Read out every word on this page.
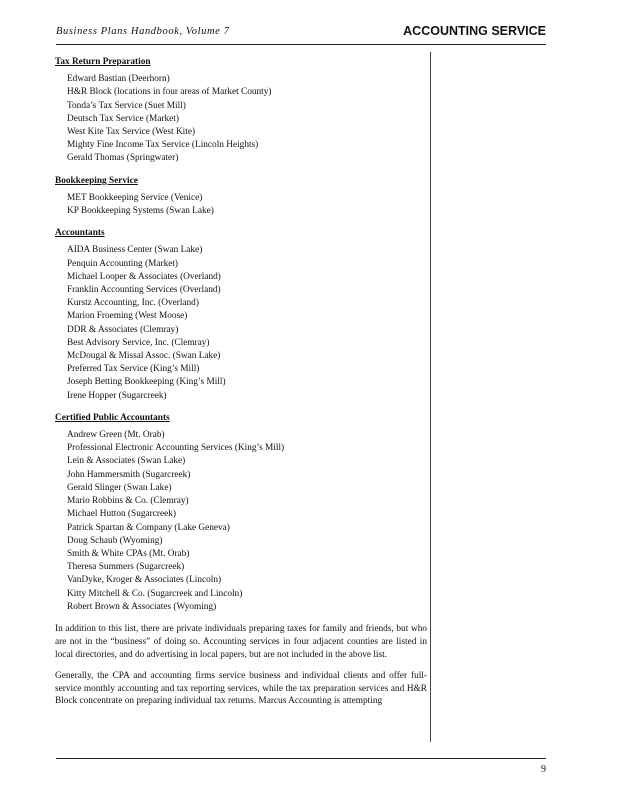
Business Plans Handbook, Volume 7	ACCOUNTING SERVICE
Tax Return Preparation
Edward Bastian (Deerhorn)
H&R Block (locations in four areas of Market County)
Tonda’s Tax Service (Suet Mill)
Deutsch Tax Service (Market)
West Kite Tax Service (West Kite)
Mighty Fine Income Tax Service (Lincoln Heights)
Gerald Thomas (Springwater)
Bookkeeping Service
MET Bookkeeping Service (Venice)
KP Bookkeeping Systems (Swan Lake)
Accountants
AIDA Business Center (Swan Lake)
Penquin Accounting (Market)
Michael Looper & Associates (Overland)
Franklin Accounting Services (Overland)
Kurstz Accounting, Inc. (Overland)
Marion Froeming (West Moose)
DDR & Associates (Clemray)
Best Advisory Service, Inc. (Clemray)
McDougal & Missal Assoc. (Swan Lake)
Preferred Tax Service (King’s Mill)
Joseph Betting Bookkeeping (King’s Mill)
Irene Hopper (Sugarcreek)
Certified Public Accountants
Andrew Green (Mt. Orab)
Professional Electronic Accounting Services (King’s Mill)
Lein & Associates (Swan Lake)
John Hammersmith (Sugarcreek)
Gerald Slinger (Swan Lake)
Mario Robbins & Co. (Clemray)
Michael Hutton (Sugarcreek)
Patrick Spartan & Company (Lake Geneva)
Doug Schaub (Wyoming)
Smith & White CPAs (Mt. Orab)
Theresa Summers (Sugarcreek)
VanDyke, Kroger & Associates (Lincoln)
Kitty Mitchell & Co. (Sugarcreek and Lincoln)
Robert Brown & Associates (Wyoming)

In addition to this list, there are private individuals preparing taxes for family and friends, but who are not in the “business” of doing so. Accounting services in four adjacent counties are listed in local directories, and do advertising in local papers, but are not included in the above list.

Generally, the CPA and accounting firms service business and individual clients and offer full-service monthly accounting and tax reporting services, while the tax preparation services and H&R Block concentrate on preparing individual tax returns. Marcus Accounting is attempting

9
